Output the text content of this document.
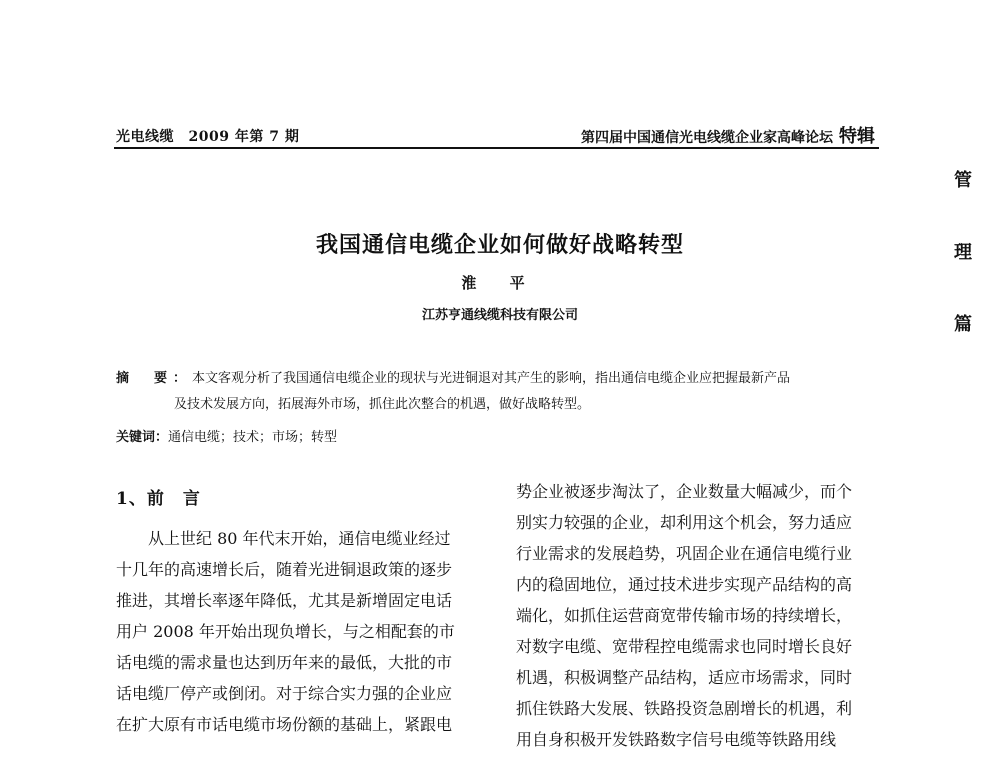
光电线缆　2009 年第 7 期	第四届中国通信光电线缆企业家高峰论坛 特辑
管
理
篇
我国通信电缆企业如何做好战略转型
淮 平
江苏亨通线缆科技有限公司
摘　要：本文客观分析了我国通信电缆企业的现状与光进铜退对其产生的影响，指出通信电缆企业应把握最新产品
及技术发展方向，拓展海外市场，抓住此次整合的机遇，做好战略转型。
关键词：通信电缆；技术；市场；转型
1、前　言
从上世纪 80 年代末开始，通信电缆业经过
十几年的高速增长后，随着光进铜退政策的逐步
推进，其增长率逐年降低，尤其是新增固定电话
用户 2008 年开始出现负增长，与之相配套的市
话电缆的需求量也达到历年来的最低，大批的市
话电缆厂停产或倒闭。对于综合实力强的企业应
在扩大原有市话电缆市场份额的基础上，紧跟电
势企业被逐步淘汰了，企业数量大幅减少，而个
别实力较强的企业，却利用这个机会，努力适应
行业需求的发展趋势，巩固企业在通信电缆行业
内的稳固地位，通过技术进步实现产品结构的高
端化，如抓住运营商宽带传输市场的持续增长，
对数字电缆、宽带程控电缆需求也同时增长良好
机遇，积极调整产品结构，适应市场需求，同时
抓住铁路大发展、铁路投资急剧增长的机遇，利
用自身积极开发铁路数字信号电缆等铁路用线
